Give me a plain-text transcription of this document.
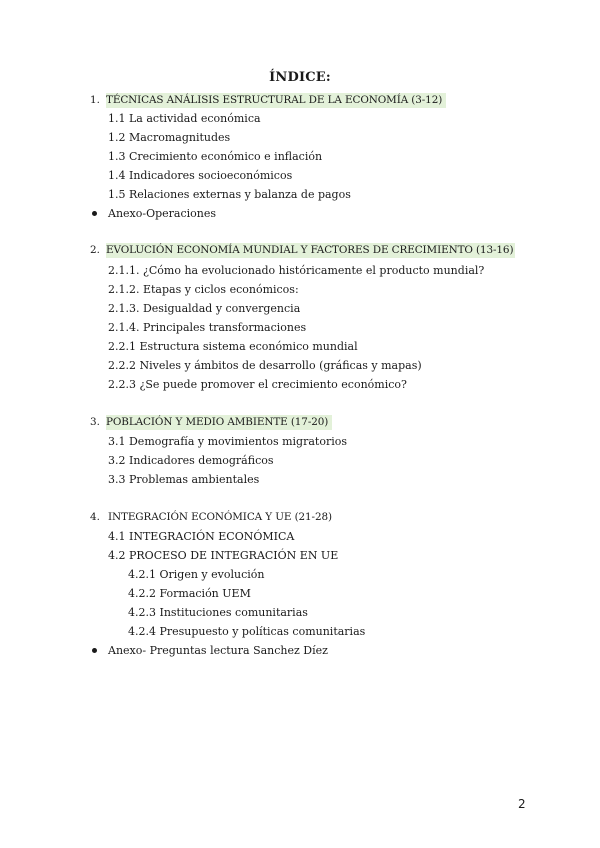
ÍNDICE:
1. TÉCNICAS ANÁLISIS ESTRUCTURAL DE LA ECONOMÍA (3-12)
1.1 La actividad económica
1.2 Macromagnitudes
1.3 Crecimiento económico e inflación
1.4 Indicadores socioeconómicos
1.5 Relaciones externas y balanza de pagos
Anexo-Operaciones
2. EVOLUCIÓN ECONOMÍA MUNDIAL Y FACTORES DE CRECIMIENTO (13-16)
2.1.1. ¿Cómo ha evolucionado históricamente el producto mundial?
2.1.2. Etapas y ciclos económicos:
2.1.3. Desigualdad y convergencia
2.1.4. Principales transformaciones
2.2.1 Estructura sistema económico mundial
2.2.2 Niveles y ámbitos de desarrollo (gráficas y mapas)
2.2.3 ¿Se puede promover el crecimiento económico?
3. POBLACIÓN Y MEDIO AMBIENTE (17-20)
3.1 Demografía y movimientos migratorios
3.2 Indicadores demográficos
3.3 Problemas ambientales
4. INTEGRACIÓN ECONÓMICA Y UE (21-28)
4.1 INTEGRACIÓN ECONÓMICA
4.2 PROCESO DE INTEGRACIÓN EN UE
4.2.1 Origen y evolución
4.2.2 Formación UEM
4.2.3 Instituciones comunitarias
4.2.4 Presupuesto y políticas comunitarias
Anexo- Preguntas lectura Sanchez Díez
2
